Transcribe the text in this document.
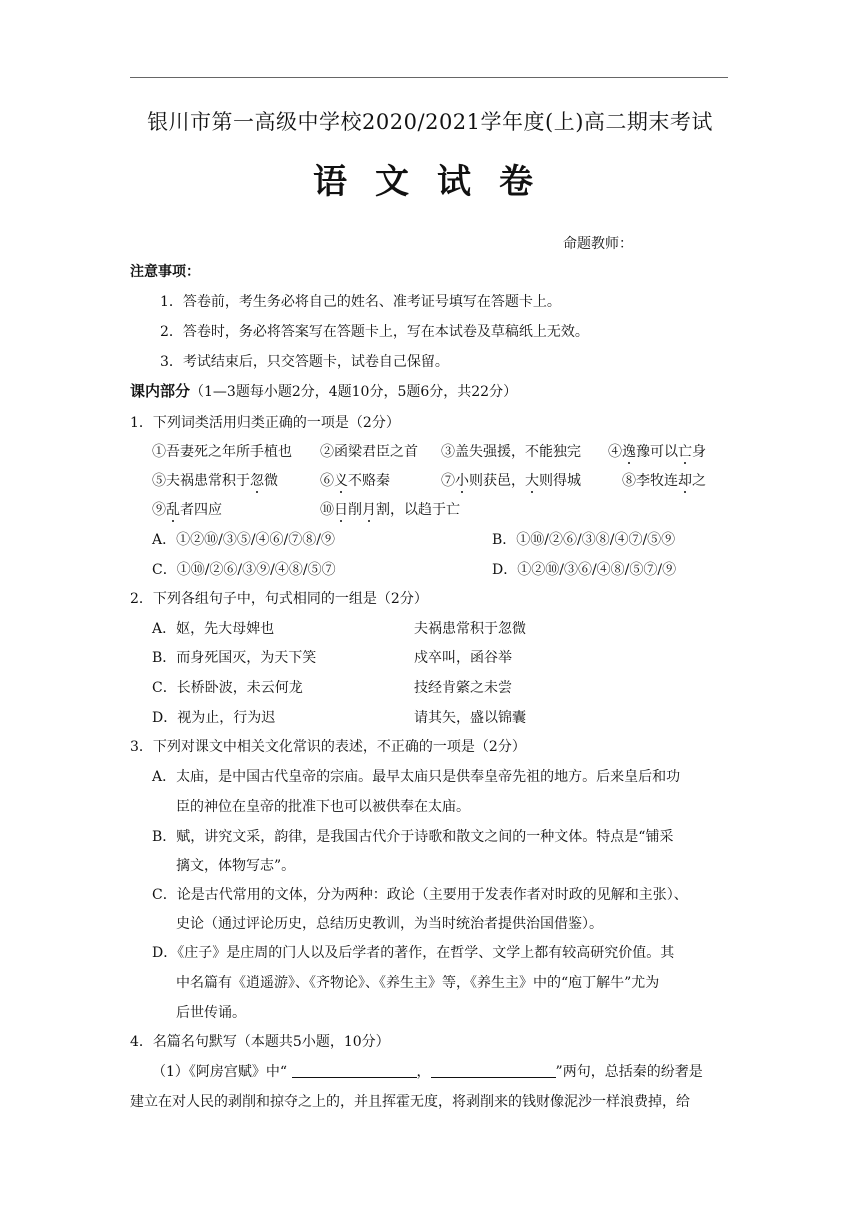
银川市第一高级中学校2020/2021学年度(上)高二期末考试
语文试卷
命题教师：
注意事项：
1．答卷前，考生务必将自己的姓名、准考证号填写在答题卡上。
2．答卷时，务必将答案写在答题卡上，写在本试卷及草稿纸上无效。
3．考试结束后，只交答题卡，试卷自己保留。
课内部分（1—3题每小题2分，4题10分，5题6分，共22分）
1．下列词类活用归类正确的一项是（2分）
①吾妻死之年所手植也 ②函梁君臣之首 ③盖失强援，不能独完 ④逸豫可以亡身
⑤夫祸患常积于忽微	⑥义不赂秦	⑦小则获邑，大则得城	⑧李牧连却之
⑨乱者四应	⑩日削月割，以趋于亡
A．①②⑩/③⑤/④⑥/⑦⑧/⑨	B．①⑩/②⑥/③⑧/④⑦/⑤⑨
C．①⑩/②⑥/③⑨/④⑧/⑤⑦	D．①②⑩/③⑥/④⑧/⑤⑦/⑨
2．下列各组句子中，句式相同的一组是（2分）
A．妪，先大母婢也	夫祸患常积于忽微
B．而身死国灭，为天下笑	戍卒叫，函谷举
C．长桥卧波，未云何龙	技经肯綮之未尝
D．视为止，行为迟	请其矢，盛以锦囊
3．下列对课文中相关文化常识的表述，不正确的一项是（2分）
A．太庙，是中国古代皇帝的宗庙。最早太庙只是供奉皇帝先祖的地方。后来皇后和功
臣的神位在皇帝的批准下也可以被供奉在太庙。
B．赋，讲究文采，韵律，是我国古代介于诗歌和散文之间的一种文体。特点是“铺采
摛文，体物写志”。
C．论是古代常用的文体，分为两种：政论（主要用于发表作者对时政的见解和主张）、
史论（通过评论历史，总结历史教训，为当时统治者提供治国借鉴）。
D．《庄子》是庄周的门人以及后学者的著作，在哲学、文学上都有较高研究价值。其
中名篇有《逍遥游》、《齐物论》、《养生主》等，《养生主》中的“庖丁解牛”尤为
后世传诵。
4．名篇名句默写（本题共5小题，10分）
（1）《阿房宫赋》中“	，	”两句，总括秦的纷奢是
建立在对人民的剥削和掠夺之上的，并且挥霍无度，将剥削来的钱财像泥沙一样浪费掉，给
